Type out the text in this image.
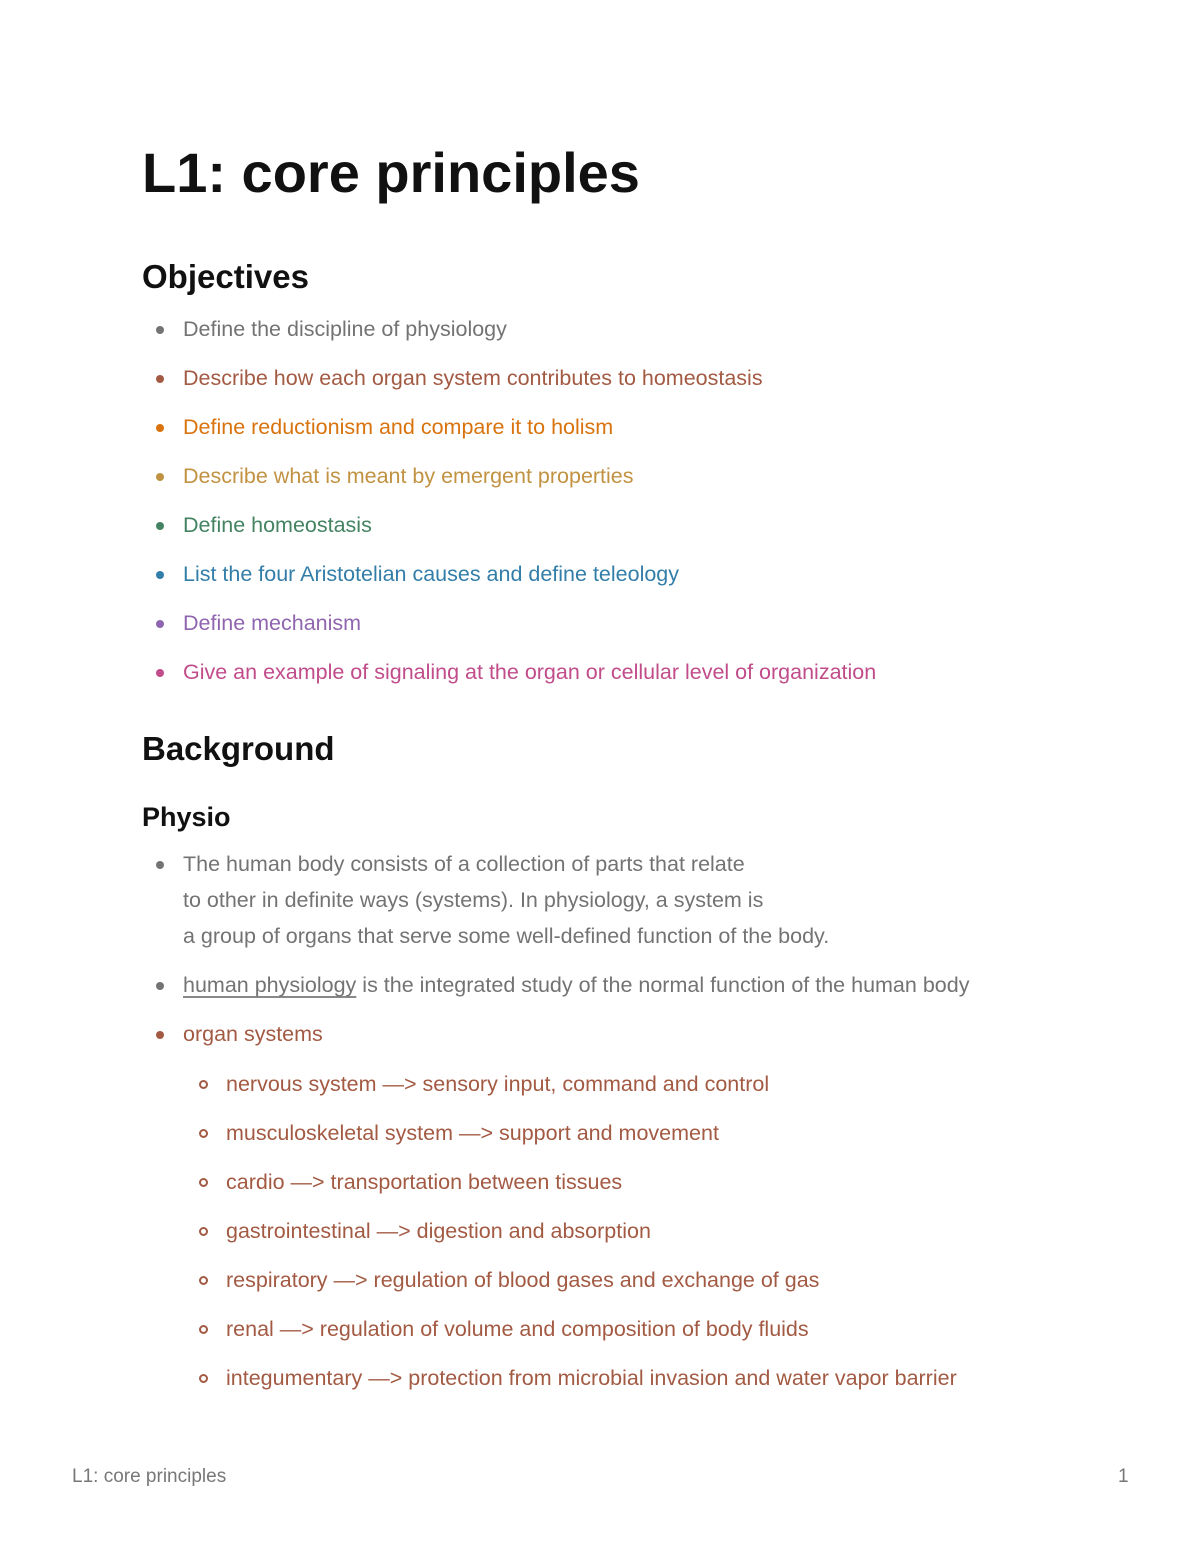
L1: core principles
Objectives
Define the discipline of physiology
Describe how each organ system contributes to homeostasis
Define reductionism and compare it to holism
Describe what is meant by emergent properties
Define homeostasis
List the four Aristotelian causes and define teleology
Define mechanism
Give an example of signaling at the organ or cellular level of organization
Background
Physio
The human body consists of a collection of parts that relate
to other in definite ways (systems). In physiology, a system is
a group of organs that serve some well-defined function of the body.
human physiology is the integrated study of the normal function of the human body
organ systems
nervous system —> sensory input, command and control
musculoskeletal system —> support and movement
cardio —> transportation between tissues
gastrointestinal —> digestion and absorption
respiratory —> regulation of blood gases and exchange of gas
renal —> regulation of volume and composition of body fluids
integumentary —> protection from microbial invasion and water vapor barrier
L1: core principles	1
